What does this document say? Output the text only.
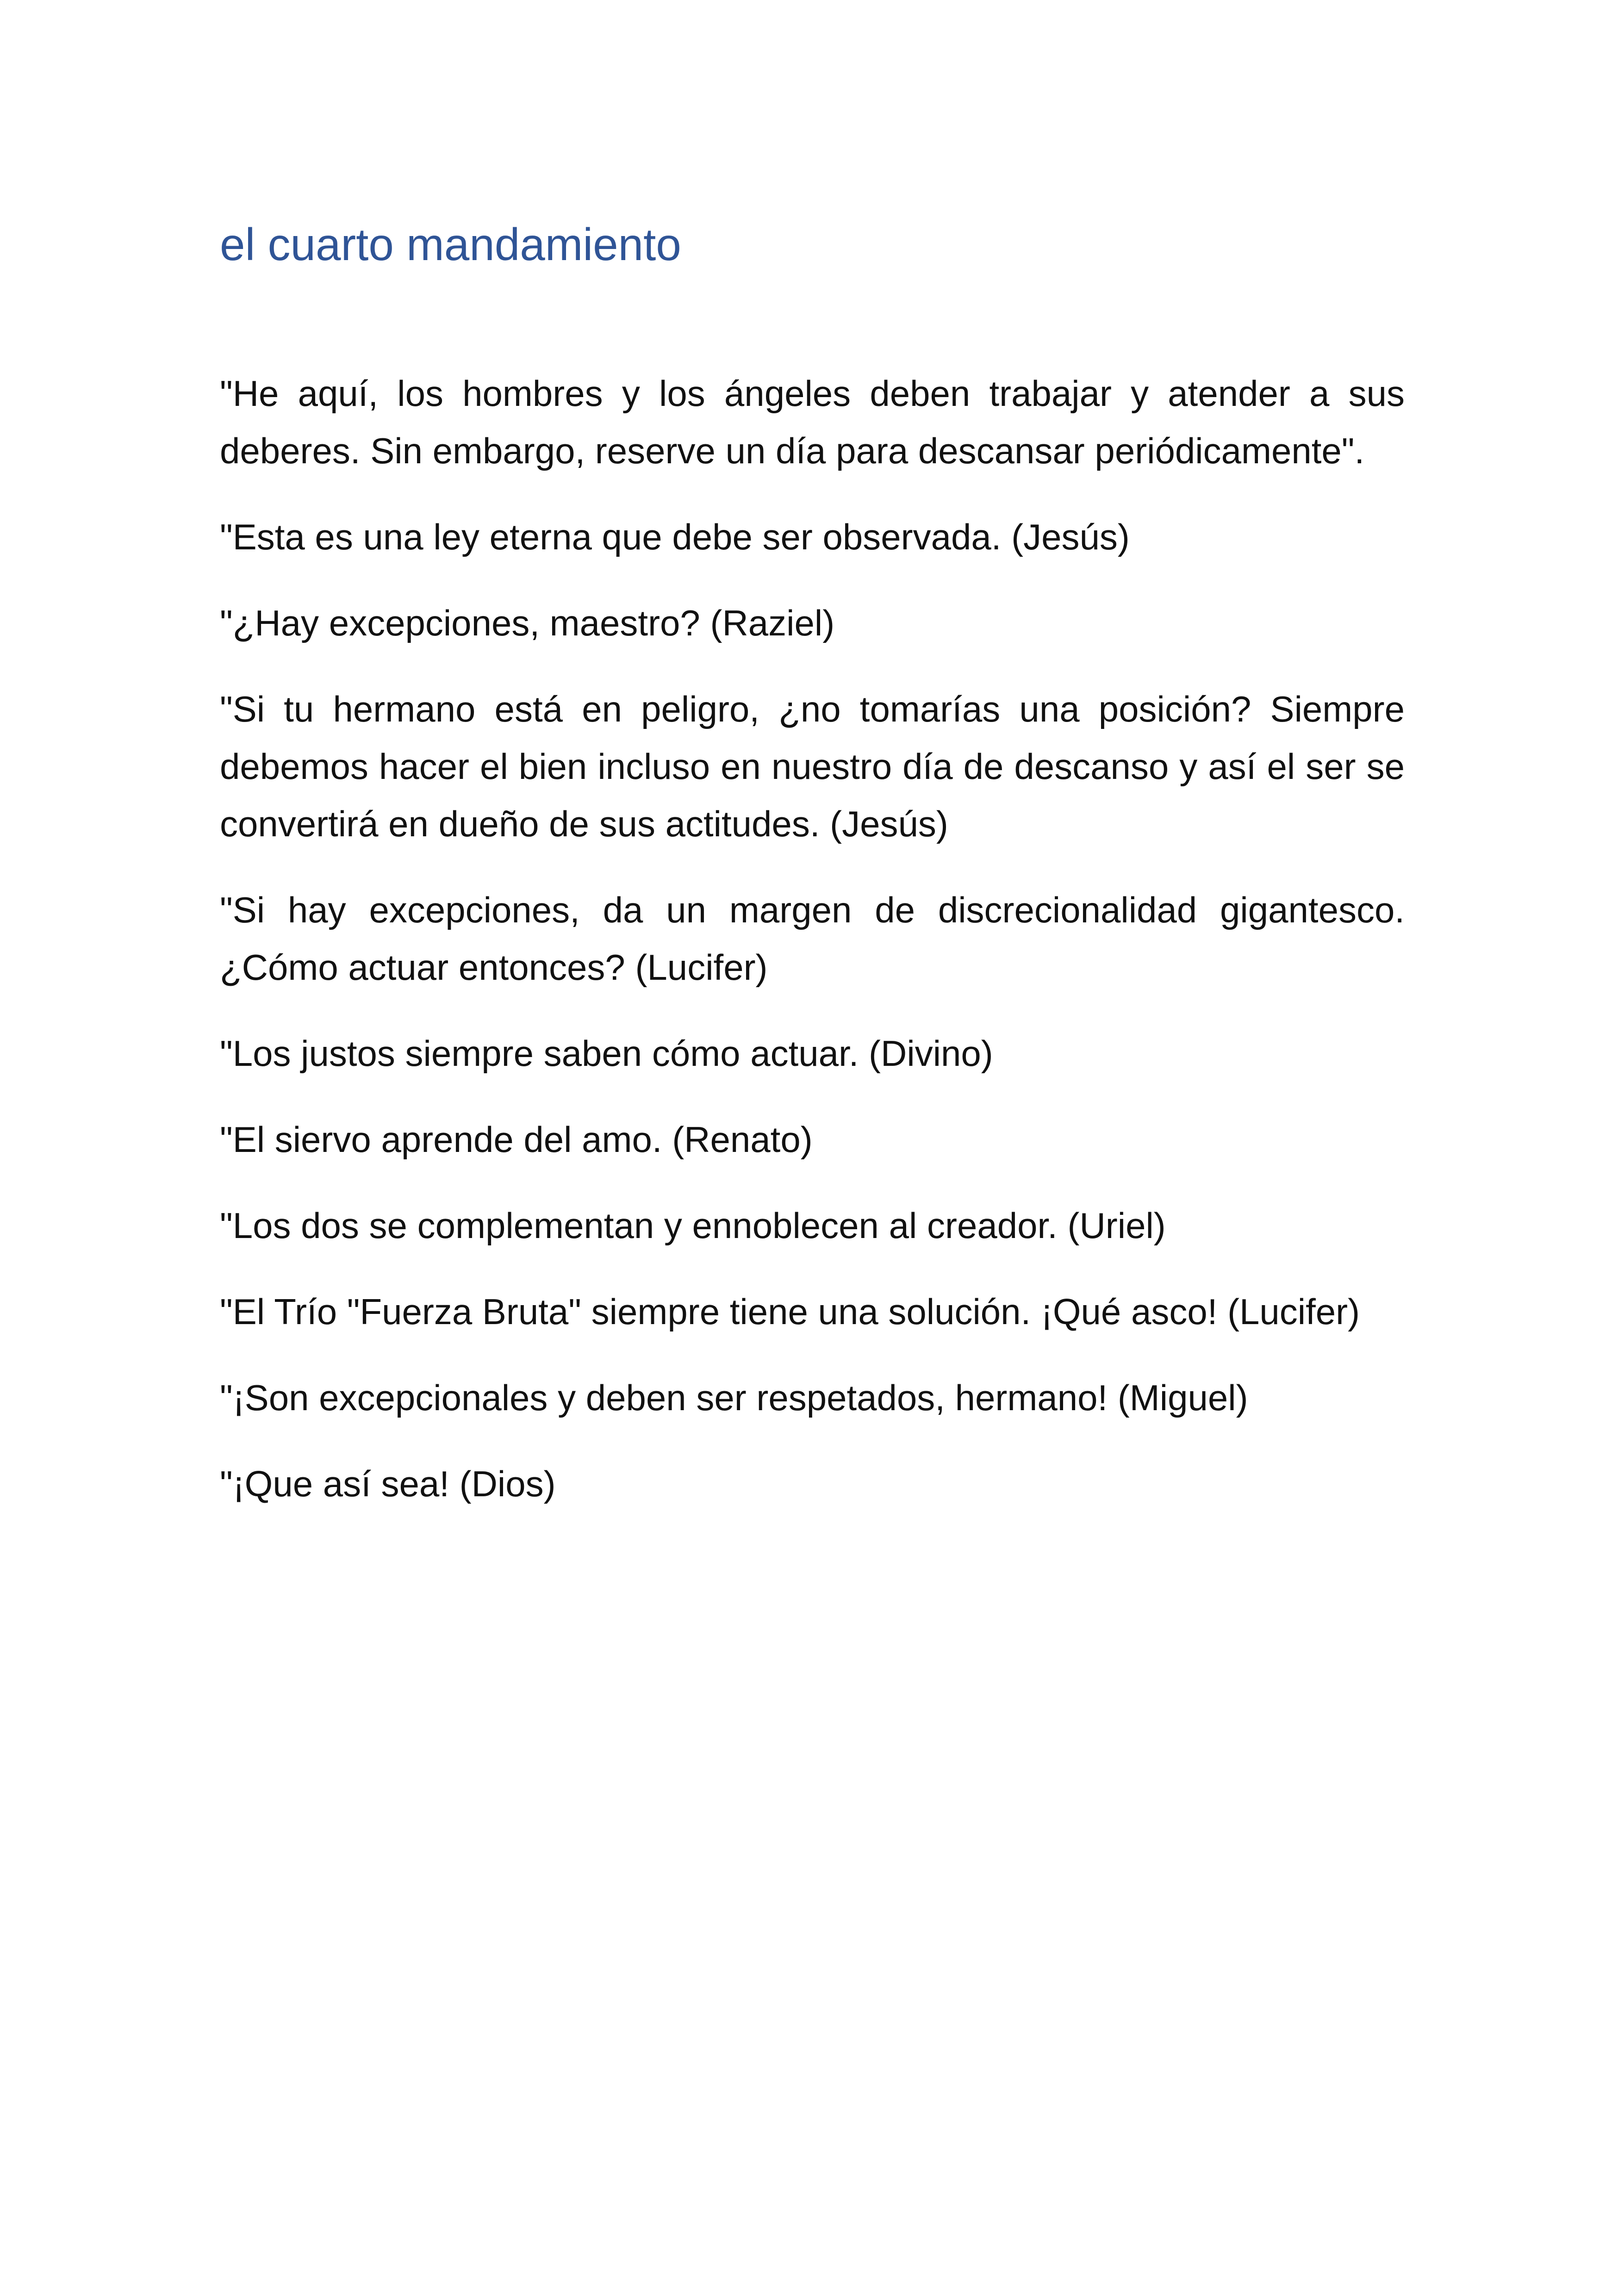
el cuarto mandamiento

"He aquí, los hombres y los ángeles deben trabajar y atender a sus deberes. Sin embargo, reserve un día para descansar periódicamente".

"Esta es una ley eterna que debe ser observada. (Jesús)

"¿Hay excepciones, maestro? (Raziel)

"Si tu hermano está en peligro, ¿no tomarías una posición? Siempre debemos hacer el bien incluso en nuestro día de descanso y así el ser se convertirá en dueño de sus actitudes. (Jesús)

"Si hay excepciones, da un margen de discrecionalidad gigantesco. ¿Cómo actuar entonces? (Lucifer)

"Los justos siempre saben cómo actuar. (Divino)

"El siervo aprende del amo. (Renato)

"Los dos se complementan y ennoblecen al creador. (Uriel)

"El Trío "Fuerza Bruta" siempre tiene una solución. ¡Qué asco! (Lucifer)

"¡Son excepcionales y deben ser respetados, hermano! (Miguel)

"¡Que así sea! (Dios)
